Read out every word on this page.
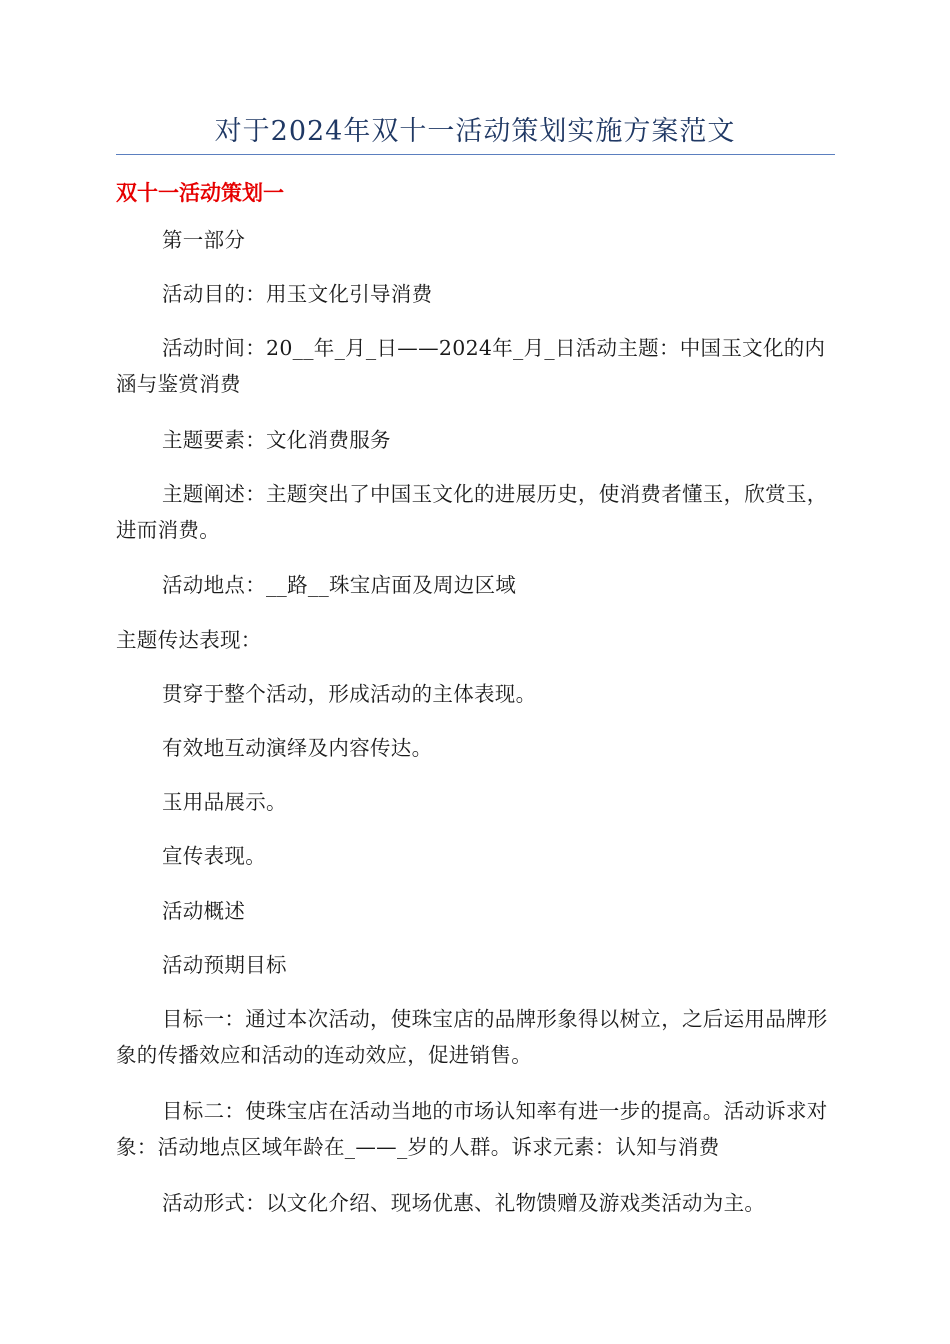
对于2024年双十一活动策划实施方案范文
双十一活动策划一

第一部分

活动目的：用玉文化引导消费

活动时间：20__年_月_日——2024年_月_日活动主题：中国玉文化的内涵与鉴赏消费

主题要素：文化消费服务

主题阐述：主题突出了中国玉文化的进展历史，使消费者懂玉，欣赏玉，进而消费。

活动地点：__路__珠宝店面及周边区域

主题传达表现：

贯穿于整个活动，形成活动的主体表现。

有效地互动演绎及内容传达。

玉用品展示。

宣传表现。

活动概述

活动预期目标

目标一：通过本次活动，使珠宝店的品牌形象得以树立，之后运用品牌形象的传播效应和活动的连动效应，促进销售。

目标二：使珠宝店在活动当地的市场认知率有进一步的提高。活动诉求对象：活动地点区域年龄在_——_岁的人群。诉求元素：认知与消费

活动形式：以文化介绍、现场优惠、礼物馈赠及游戏类活动为主。
